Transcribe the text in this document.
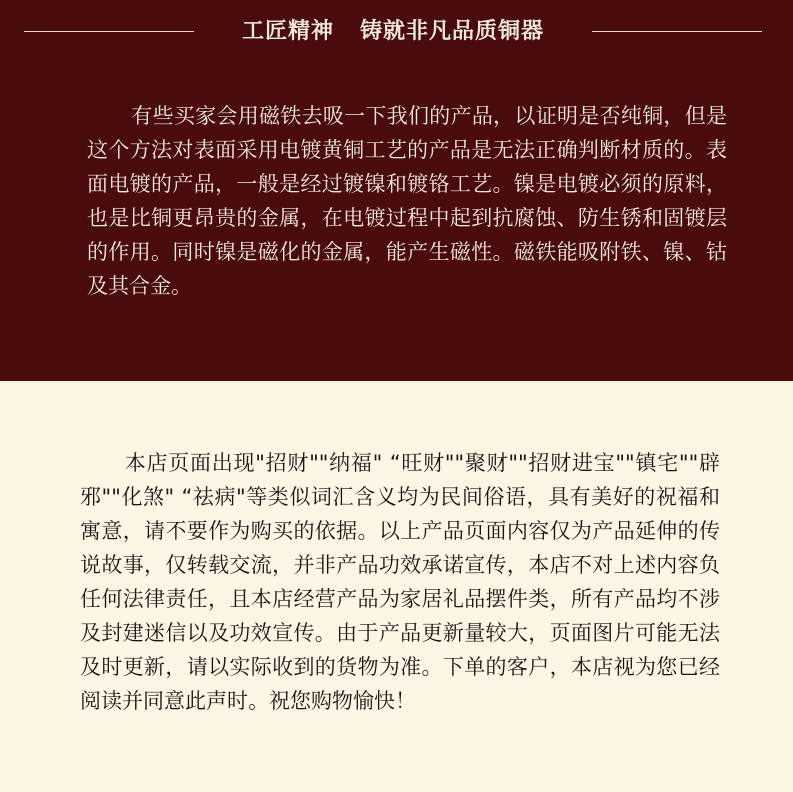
工匠精神 铸就非凡品质铜器
有些买家会用磁铁去吸一下我们的产品，以证明是否纯铜，但是这个方法对表面采用电镀黄铜工艺的产品是无法正确判断材质的。表面电镀的产品，一般是经过镀镍和镀铬工艺。镍是电镀必须的原料，也是比铜更昂贵的金属，在电镀过程中起到抗腐蚀、防生锈和固镀层的作用。同时镍是磁化的金属，能产生磁性。磁铁能吸附铁、镍、钴及其合金。
本店页面出现"招财""纳福" “旺财""聚财""招财进宝""镇宅""辟邪""化煞" “祛病"等类似词汇含义均为民间俗语，具有美好的祝福和寓意，请不要作为购买的依据。以上产品页面内容仅为产品延伸的传说故事，仅转载交流，并非产品功效承诺宣传，本店不对上述内容负任何法律责任，且本店经营产品为家居礼品摆件类，所有产品均不涉及封建迷信以及功效宣传。由于产品更新量较大，页面图片可能无法及时更新，请以实际收到的货物为准。下单的客户，本店视为您已经阅读并同意此声时。祝您购物愉快！
